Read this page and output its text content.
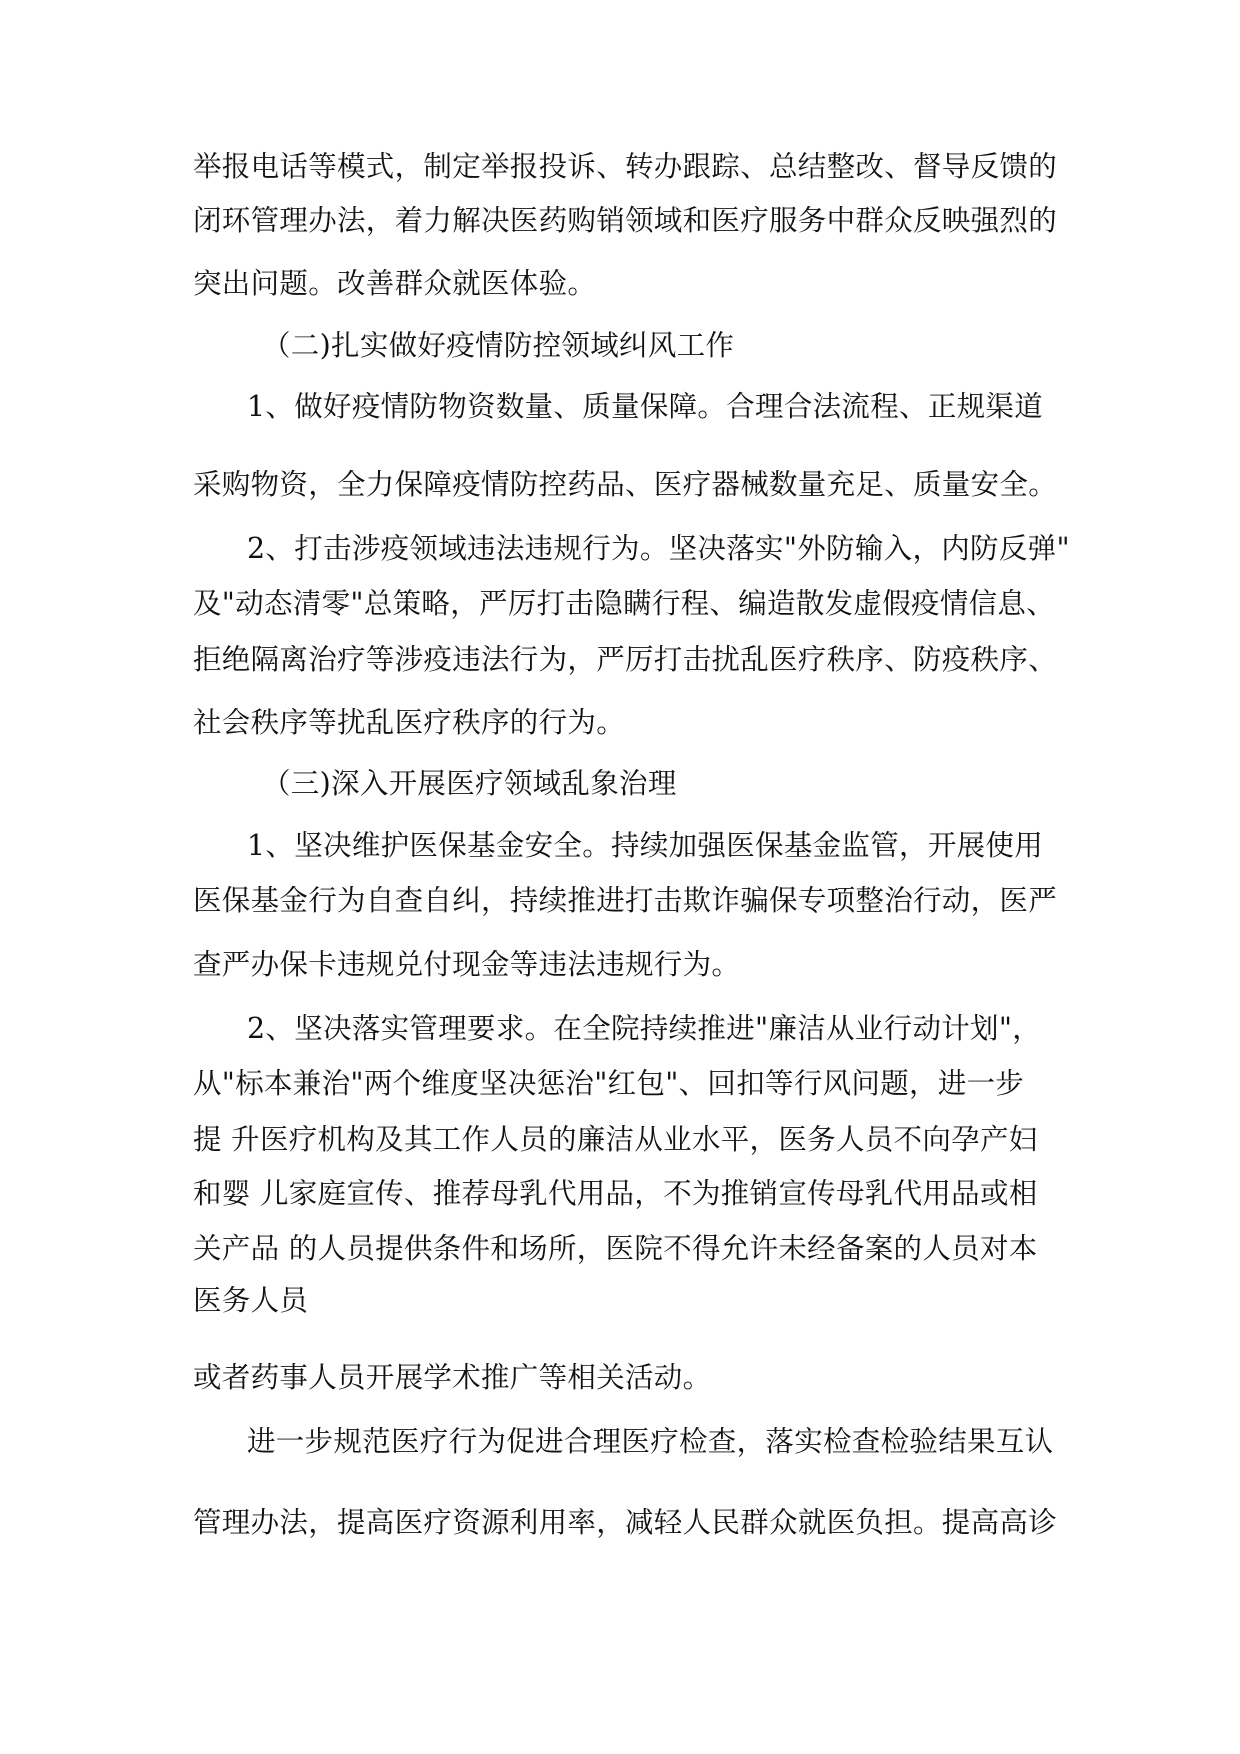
举报电话等模式，制定举报投诉、转办跟踪、总结整改、督导反馈的
闭环管理办法，着力解决医药购销领域和医疗服务中群众反映强烈的
突出问题。改善群众就医体验。
（二)扎实做好疫情防控领域纠风工作
1、做好疫情防物资数量、质量保障。合理合法流程、正规渠道
采购物资，全力保障疫情防控药品、医疗器械数量充足、质量安全。
2、打击涉疫领域违法违规行为。坚决落实"外防输入，内防反弹"
及"动态清零"总策略，严厉打击隐瞒行程、编造散发虚假疫情信息、
拒绝隔离治疗等涉疫违法行为，严厉打击扰乱医疗秩序、防疫秩序、
社会秩序等扰乱医疗秩序的行为。
（三)深入开展医疗领域乱象治理
1、坚决维护医保基金安全。持续加强医保基金监管，开展使用
医保基金行为自查自纠，持续推进打击欺诈骗保专项整治行动，医严
查严办保卡违规兑付现金等违法违规行为。
2、坚决落实管理要求。在全院持续推进"廉洁从业行动计划"，
从"标本兼治"两个维度坚决惩治"红包"、回扣等行风问题，进一步
提 升医疗机构及其工作人员的廉洁从业水平，医务人员不向孕产妇
和婴 儿家庭宣传、推荐母乳代用品，不为推销宣传母乳代用品或相
关产品 的人员提供条件和场所，医院不得允许未经备案的人员对本
医务人员
或者药事人员开展学术推广等相关活动。
进一步规范医疗行为促进合理医疗检查，落实检查检验结果互认
管理办法，提高医疗资源利用率，减轻人民群众就医负担。提高高诊
